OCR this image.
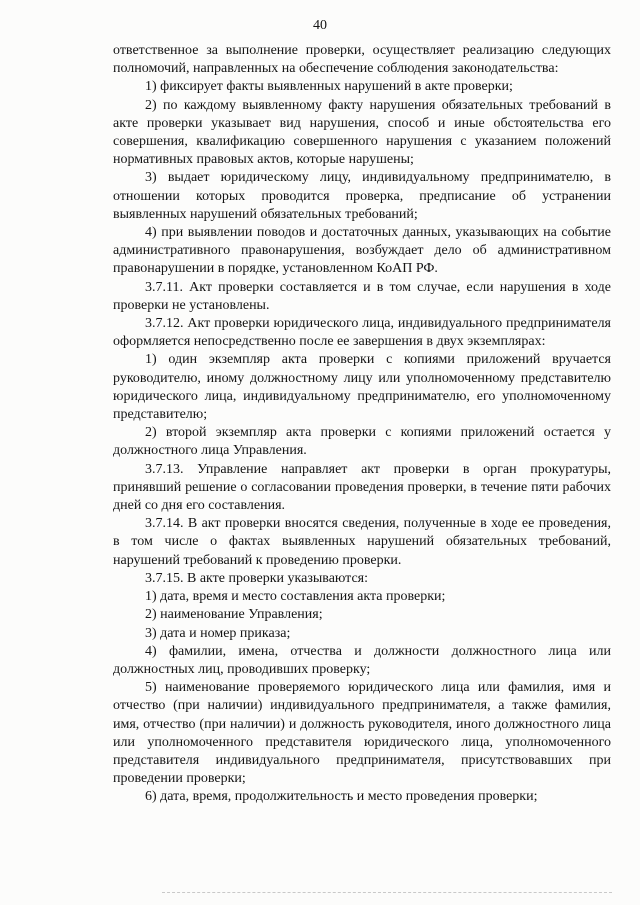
40

ответственное за выполнение проверки, осуществляет реализацию следующих полномочий, направленных на обеспечение соблюдения законодательства:

1) фиксирует факты выявленных нарушений в акте проверки;

2) по каждому выявленному факту нарушения обязательных требований в акте проверки указывает вид нарушения, способ и иные обстоятельства его совершения, квалификацию совершенного нарушения с указанием положений нормативных правовых актов, которые нарушены;

3) выдает юридическому лицу, индивидуальному предпринимателю, в отношении которых проводится проверка, предписание об устранении выявленных нарушений обязательных требований;

4) при выявлении поводов и достаточных данных, указывающих на событие административного правонарушения, возбуждает дело об административном правонарушении в порядке, установленном КоАП РФ.

3.7.11. Акт проверки составляется и в том случае, если нарушения в ходе проверки не установлены.

3.7.12. Акт проверки юридического лица, индивидуального предпринимателя оформляется непосредственно после ее завершения в двух экземплярах:

1) один экземпляр акта проверки с копиями приложений вручается руководителю, иному должностному лицу или уполномоченному представителю юридического лица, индивидуальному предпринимателю, его уполномоченному представителю;

2) второй экземпляр акта проверки с копиями приложений остается у должностного лица Управления.

3.7.13. Управление направляет акт проверки в орган прокуратуры, принявший решение о согласовании проведения проверки, в течение пяти рабочих дней со дня его составления.

3.7.14. В акт проверки вносятся сведения, полученные в ходе ее проведения, в том числе о фактах выявленных нарушений обязательных требований, нарушений требований к проведению проверки.

3.7.15. В акте проверки указываются:

1) дата, время и место составления акта проверки;

2) наименование Управления;

3) дата и номер приказа;

4) фамилии, имена, отчества и должности должностного лица или должностных лиц, проводивших проверку;

5) наименование проверяемого юридического лица или фамилия, имя и отчество (при наличии) индивидуального предпринимателя, а также фамилия, имя, отчество (при наличии) и должность руководителя, иного должностного лица или уполномоченного представителя юридического лица, уполномоченного представителя индивидуального предпринимателя, присутствовавших при проведении проверки;

6) дата, время, продолжительность и место проведения проверки;
